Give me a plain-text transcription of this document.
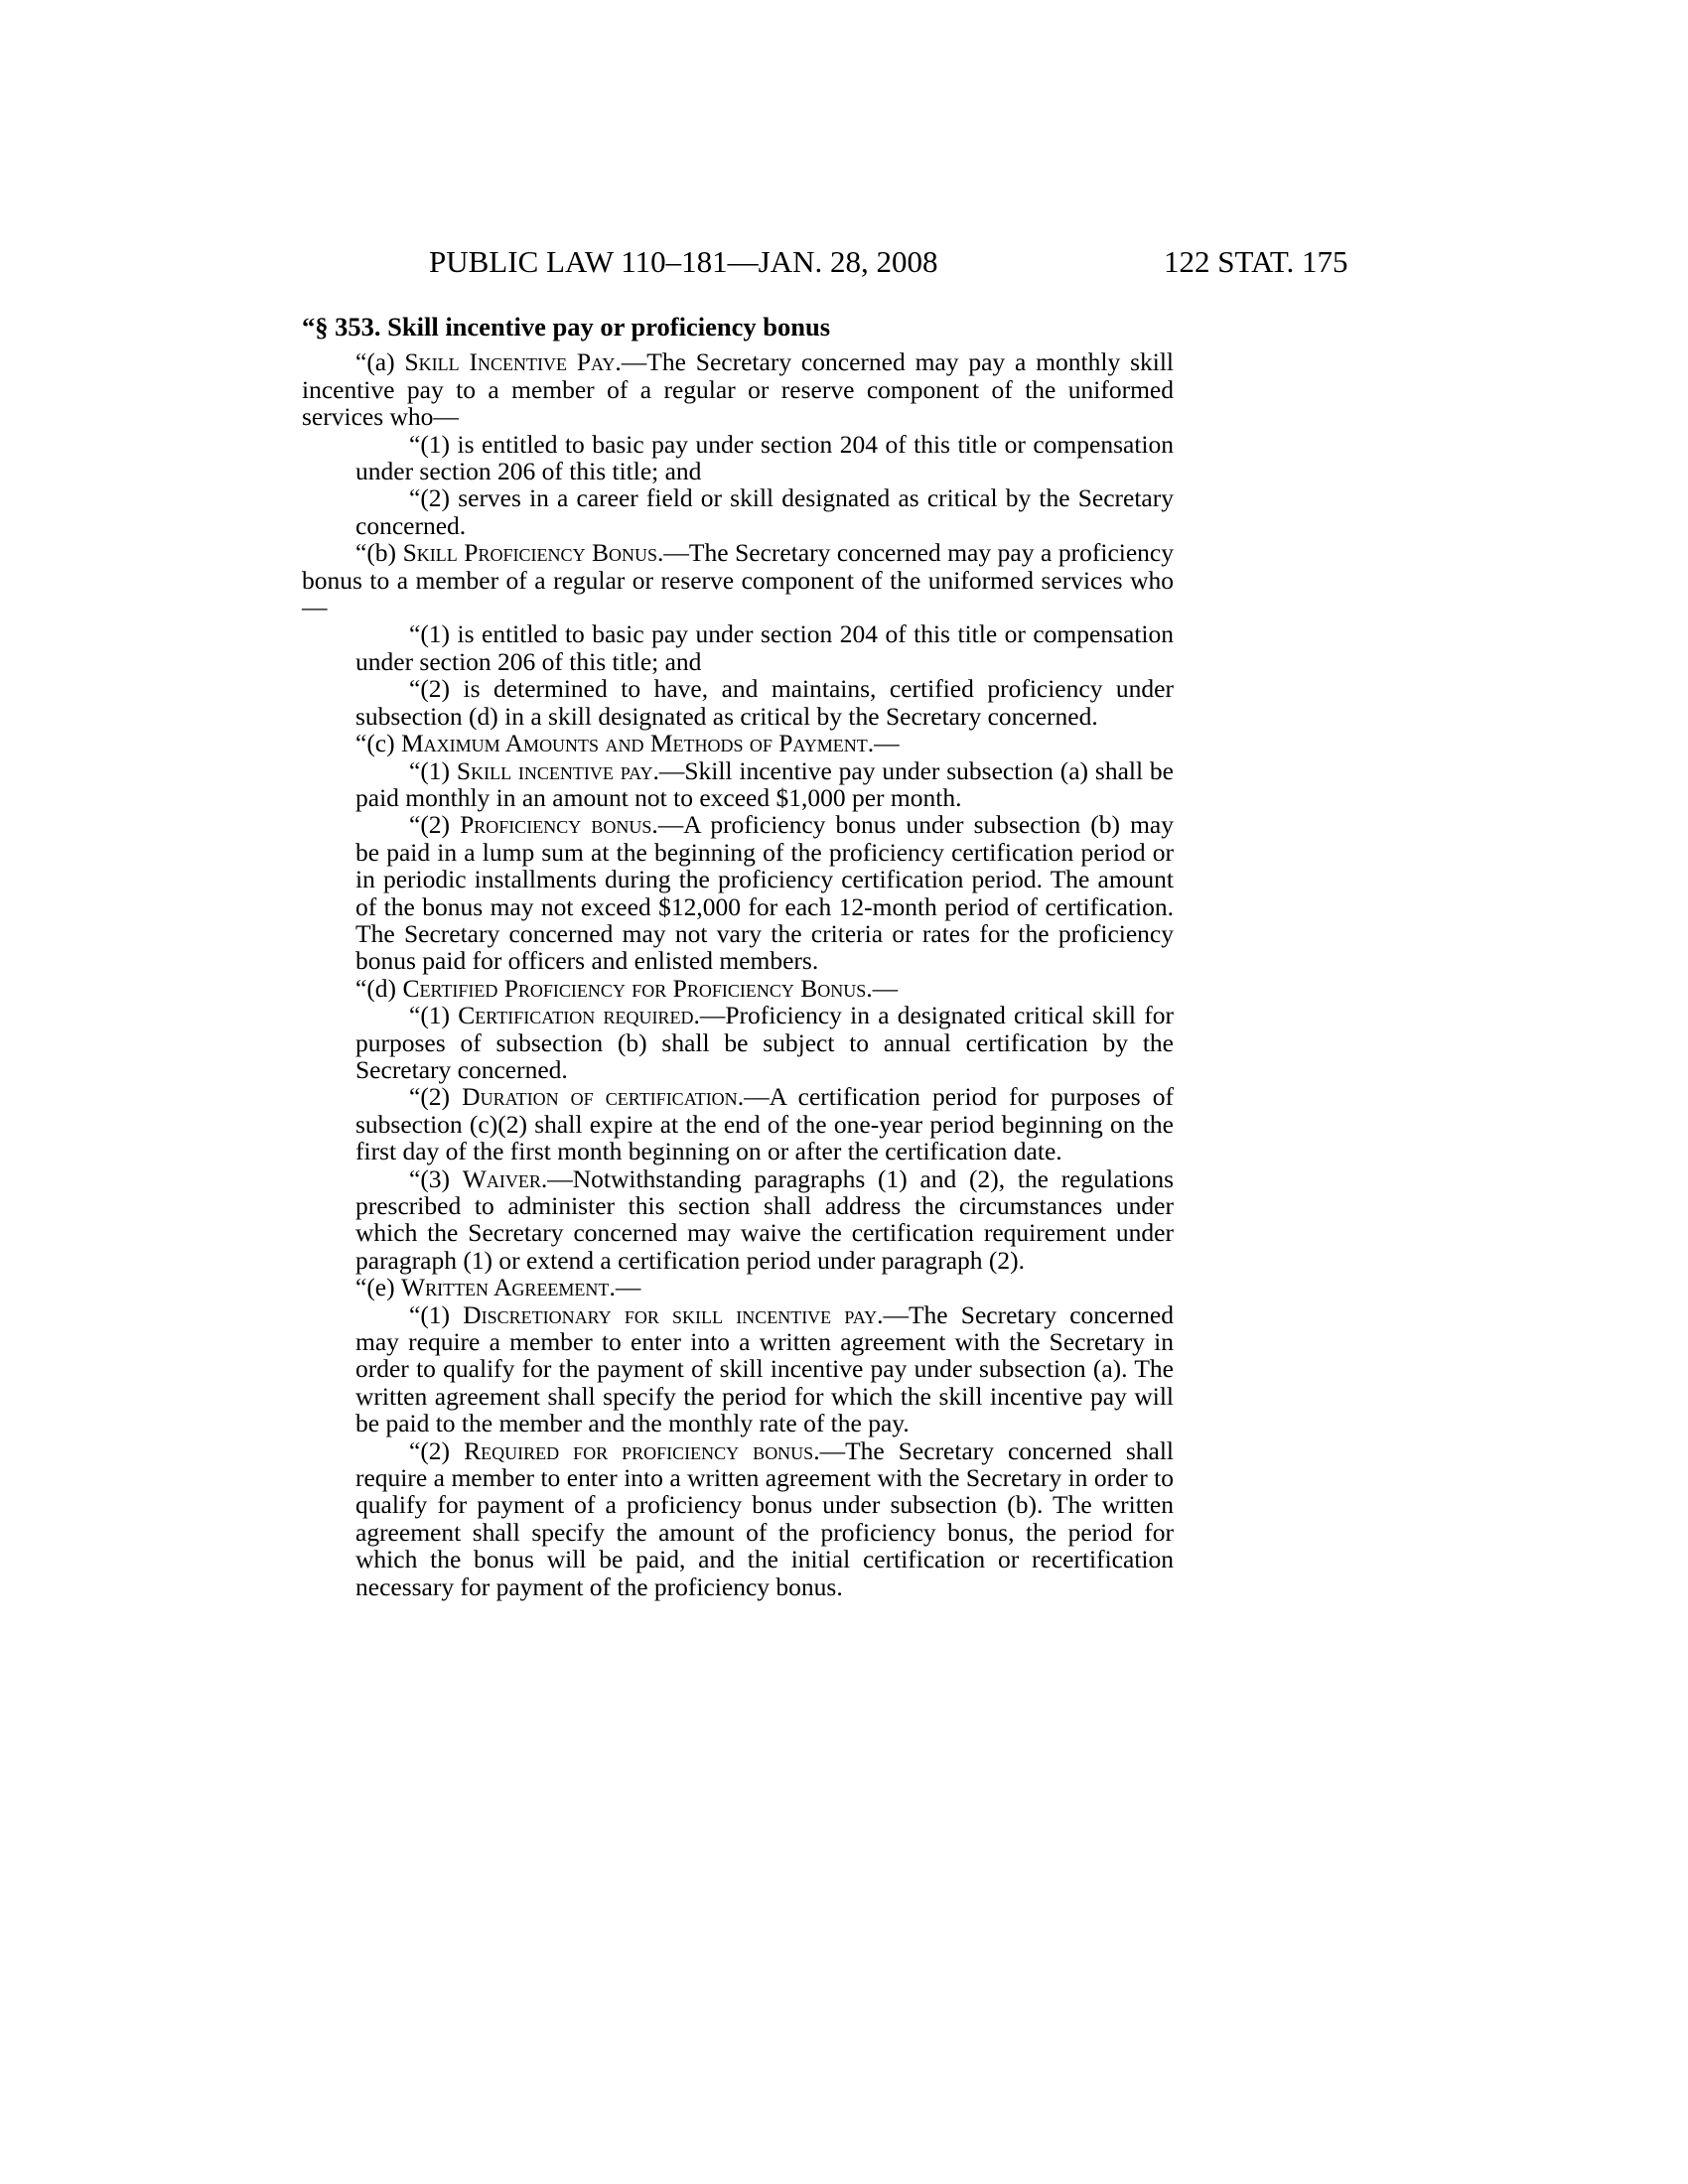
PUBLIC LAW 110–181—JAN. 28, 2008	122 STAT. 175

“§ 353. Skill incentive pay or proficiency bonus

“(a) Skill Incentive Pay.—The Secretary concerned may pay a monthly skill incentive pay to a member of a regular or reserve component of the uniformed services who—

“(1) is entitled to basic pay under section 204 of this title or compensation under section 206 of this title; and

“(2) serves in a career field or skill designated as critical by the Secretary concerned.

“(b) Skill Proficiency Bonus.—The Secretary concerned may pay a proficiency bonus to a member of a regular or reserve component of the uniformed services who—

“(1) is entitled to basic pay under section 204 of this title or compensation under section 206 of this title; and

“(2) is determined to have, and maintains, certified proficiency under subsection (d) in a skill designated as critical by the Secretary concerned.

“(c) Maximum Amounts and Methods of Payment.—

“(1) Skill incentive pay.—Skill incentive pay under subsection (a) shall be paid monthly in an amount not to exceed $1,000 per month.

“(2) Proficiency bonus.—A proficiency bonus under subsection (b) may be paid in a lump sum at the beginning of the proficiency certification period or in periodic installments during the proficiency certification period. The amount of the bonus may not exceed $12,000 for each 12-month period of certification. The Secretary concerned may not vary the criteria or rates for the proficiency bonus paid for officers and enlisted members.

“(d) Certified Proficiency for Proficiency Bonus.—

“(1) Certification required.—Proficiency in a designated critical skill for purposes of subsection (b) shall be subject to annual certification by the Secretary concerned.

“(2) Duration of certification.—A certification period for purposes of subsection (c)(2) shall expire at the end of the one-year period beginning on the first day of the first month beginning on or after the certification date.

“(3) Waiver.—Notwithstanding paragraphs (1) and (2), the regulations prescribed to administer this section shall address the circumstances under which the Secretary concerned may waive the certification requirement under paragraph (1) or extend a certification period under paragraph (2).

“(e) Written Agreement.—

“(1) Discretionary for skill incentive pay.—The Secretary concerned may require a member to enter into a written agreement with the Secretary in order to qualify for the payment of skill incentive pay under subsection (a). The written agreement shall specify the period for which the skill incentive pay will be paid to the member and the monthly rate of the pay.

“(2) Required for proficiency bonus.—The Secretary concerned shall require a member to enter into a written agreement with the Secretary in order to qualify for payment of a proficiency bonus under subsection (b). The written agreement shall specify the amount of the proficiency bonus, the period for which the bonus will be paid, and the initial certification or recertification necessary for payment of the proficiency bonus.
